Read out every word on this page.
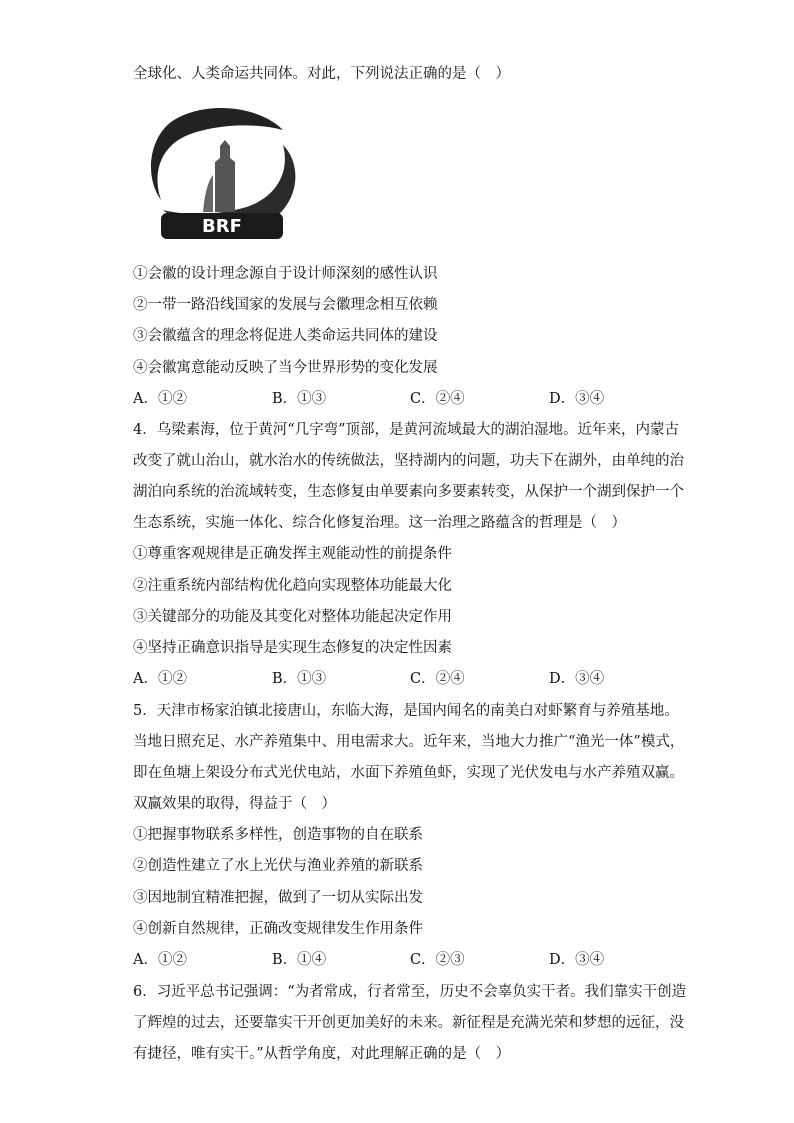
全球化、人类命运共同体。对此，下列说法正确的是（　）
BRF
①会徽的设计理念源自于设计师深刻的感性认识
②一带一路沿线国家的发展与会徽理念相互依赖
③会徽蕴含的理念将促进人类命运共同体的建设
④会徽寓意能动反映了当今世界形势的变化发展
A．①②	B．①③	C．②④	D．③④
4．乌梁素海，位于黄河“几字弯”顶部，是黄河流域最大的湖泊湿地。近年来，内蒙古
改变了就山治山，就水治水的传统做法，坚持湖内的问题，功夫下在湖外，由单纯的治
湖泊向系统的治流域转变，生态修复由单要素向多要素转变，从保护一个湖到保护一个
生态系统，实施一体化、综合化修复治理。这一治理之路蕴含的哲理是（　）
①尊重客观规律是正确发挥主观能动性的前提条件
②注重系统内部结构优化趋向实现整体功能最大化
③关键部分的功能及其变化对整体功能起决定作用
④坚持正确意识指导是实现生态修复的决定性因素
A．①②	B．①③	C．②④	D．③④
5．天津市杨家泊镇北接唐山，东临大海，是国内闻名的南美白对虾繁育与养殖基地。
当地日照充足、水产养殖集中、用电需求大。近年来，当地大力推广“渔光一体”模式，
即在鱼塘上架设分布式光伏电站，水面下养殖鱼虾，实现了光伏发电与水产养殖双赢。
双赢效果的取得，得益于（　）
①把握事物联系多样性，创造事物的自在联系
②创造性建立了水上光伏与渔业养殖的新联系
③因地制宜精准把握，做到了一切从实际出发
④创新自然规律，正确改变规律发生作用条件
A．①②	B．①④	C．②③	D．③④
6．习近平总书记强调：“为者常成，行者常至，历史不会辜负实干者。我们靠实干创造
了辉煌的过去，还要靠实干开创更加美好的未来。新征程是充满光荣和梦想的远征，没
有捷径，唯有实干。”从哲学角度，对此理解正确的是（　）
